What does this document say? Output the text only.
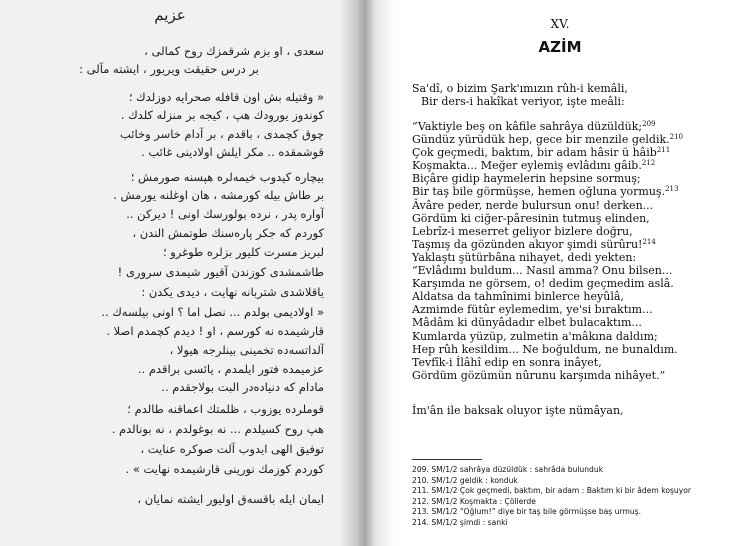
عزیم
سعدی ، او بزم شرقمزك روح كمالی ،
بر درس حقیقت ویریور ، ایشته مآلی :
« وقتیله بش اون قافله صحرایه دوزلدك ؛
كوندوز یورودك هپ ، كیجه بر منزله كلدك .
چوق كچمدی ، باقدم ، بر آدام خاسر وخائب
قوشمقده .. مكر ایلش اولادینی غائب .
بیچاره كیدوب خیمه‌لره هپسنه صورمش ؛
بر طاش بیله كورمشه ، هان اوغلنه یورمش .
آواره پدر ، نرده بولورسك اونی ! دیركن ..
كوردم كه جكر پاره‌سنك طوتمش الندن ،
لبریز مسرت كلیور بزلره طوغرو ؛
طاشمشدی كوزندن آقیور شیمدی سروری !
یاقلاشدی شتربانه نهایت ، دیدی یكدن :
« اولادیمی بولدم ... نصل اما ؟ اونی بیلسه‌ك ..
قارشیمده نه كورسم ، او ! دیدم كچمدم اصلا .
آلداتسه‌ده تخمینی بینلرجه هیولا ،
عزمیمده فتور ایلمدم ، یا‌ئسی براقدم ..
مادام كه دنیاده‌در البت بولاجقدم ..
قوملرده یوزوب ، ظلمتك اعماقنه طالدم ؛
هپ روح كسیلدم ... نه بوغولدم ، نه بونالدم .
توفیق الهی ایدوب آلت صوكره عنایت ،
كوردم كوزمك نورینی قارشیمده نهایت » .
ایمان ایله باقسه‌ق اولیور ایشته نمایان ،
XV.
AZİM
Sa'dî, o bizim Şark'ımızın rûh-i kemâli,
Bir ders-i hakîkat veriyor, işte meâli:
“Vaktiyle beş on kâfile sahrâya düzüldük;$^{209}$
Gündüz yürüdük hep, gece bir menzile geldik.$^{210}$
Çok geçmedi, baktım, bir adam hâsir ü hâib$^{211}$
Koşmakta... Meğer eylemiş evlâdını gâib.$^{212}$
Biçâre gidip haymelerin hepsine sormuş;
Bir taş bile görmüşse, hemen oğluna yormuş.$^{213}$
Âvâre peder, nerde bulursun onu! derken...
Gördüm ki ciğer-pâresinin tutmuş elinden,
Lebrîz-i meserret geliyor bizlere doğru,
Taşmış da gözünden akıyor şimdi sürûru!$^{214}$
Yaklaştı şütürbâna nihayet, dedi yekten:
“Evlâdımı buldum... Nasıl amma? Onu bilsen...
Karşımda ne görsem, o! dedim geçmedim aslâ.
Aldatsa da tahmînimi binlerce heyûlâ,
Azmimde fütûr eylemedim, ye'si bıraktım...
Mâdâm ki dünyâdadır elbet bulacaktım...
Kumlarda yüzüp, zulmetin a'mâkına daldım;
Hep rûh kesildim... Ne boğuldum, ne bunaldım.
Tevfîk-i İlâhî edip en sonra inâyet,
Gördüm gözümün nûrunu karşımda nihâyet.”
İm'ân ile baksak oluyor işte nümâyan,
209. SM/1/2 sahrâya düzüldük : sahrâda bulunduk
210. SM/1/2 geldik : konduk
211. SM/1/2 Çok geçmedi, baktım, bir adam : Baktım ki bir âdem koşuyor
212. SM/1/2 Koşmakta : Çöllerde
213. SM/1/2 “Oğlum!” diye bir taş bile görmüşse baş urmuş.
214. SM/1/2 şimdi : sanki
